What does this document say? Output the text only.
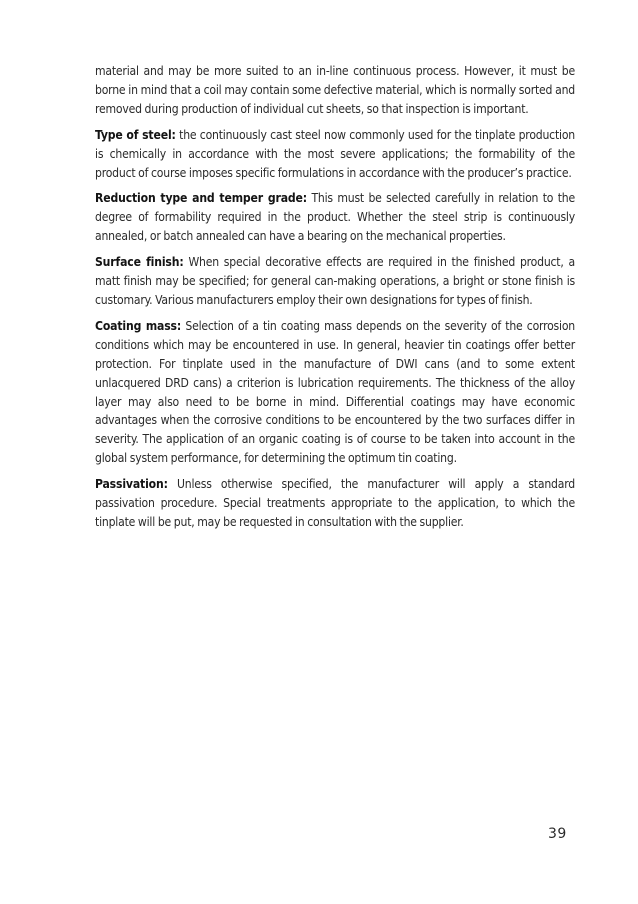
material and may be more suited to an in-line continuous process. However, it must be borne in mind that a coil may contain some defective material, which is normally sorted and removed during production of individual cut sheets, so that inspection is important.

Type of steel: the continuously cast steel now commonly used for the tinplate production is chemically in accordance with the most severe applications; the formability of the product of course imposes specific formulations in accordance with the producer’s practice.

Reduction type and temper grade: This must be selected carefully in relation to the degree of formability required in the product. Whether the steel strip is continuously annealed, or batch annealed can have a bearing on the mechanical properties.

Surface finish: When special decorative effects are required in the finished product, a matt finish may be specified; for general can-making operations, a bright or stone finish is customary. Various manufacturers employ their own designations for types of finish.

Coating mass: Selection of a tin coating mass depends on the severity of the corrosion conditions which may be encountered in use. In general, heavier tin coatings offer better protection. For tinplate used in the manufacture of DWI cans (and to some extent unlacquered DRD cans) a criterion is lubrication requirements. The thickness of the alloy layer may also need to be borne in mind. Differential coatings may have economic advantages when the corrosive conditions to be encountered by the two surfaces differ in severity. The application of an organic coating is of course to be taken into account in the global system performance, for determining the optimum tin coating.

Passivation: Unless otherwise specified, the manufacturer will apply a standard passivation procedure. Special treatments appropriate to the application, to which the tinplate will be put, may be requested in consultation with the supplier.

39
